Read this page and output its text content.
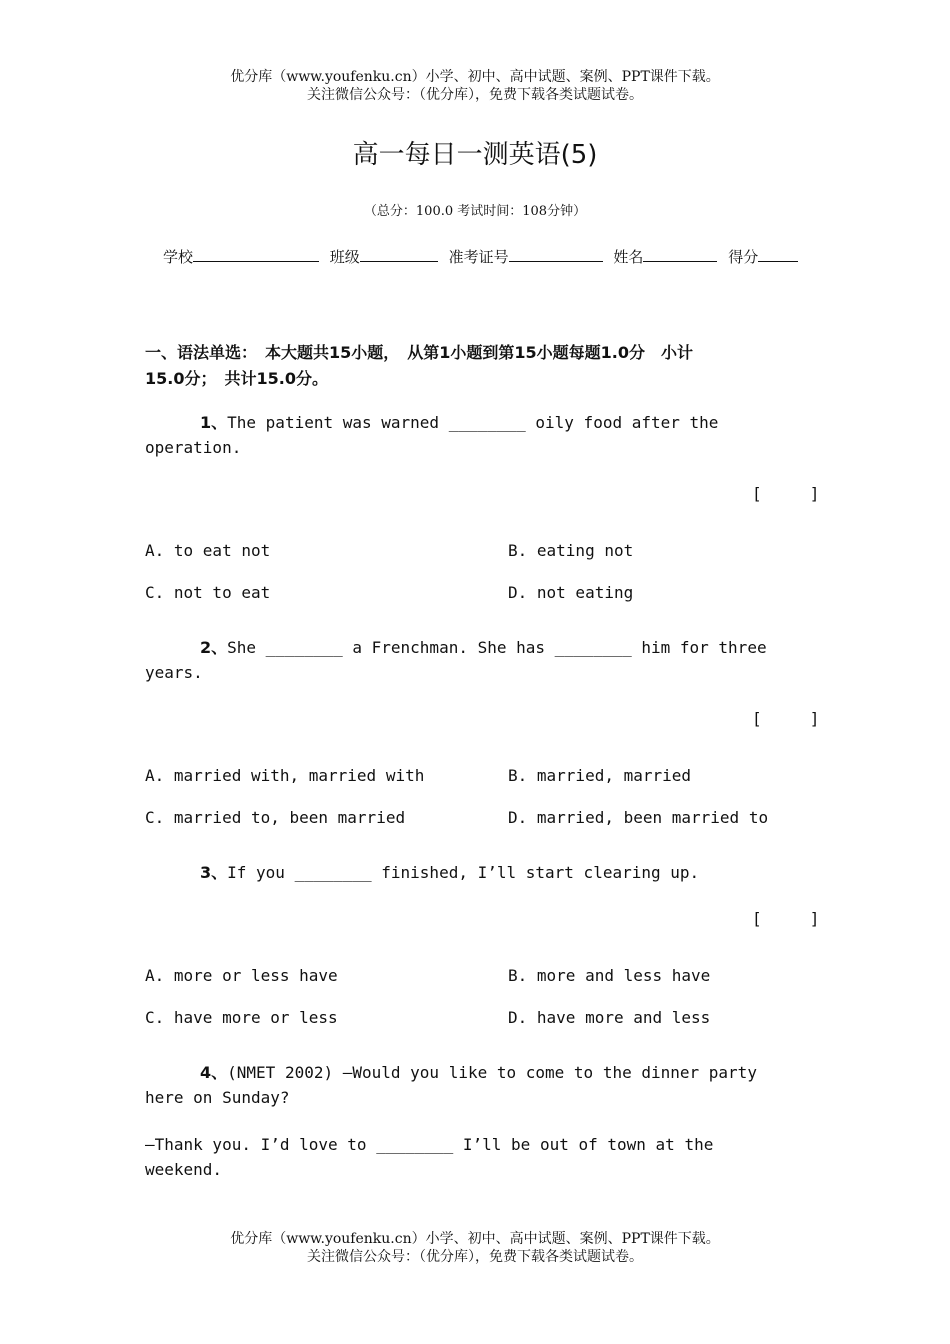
优分库（www.youfenku.cn）小学、初中、高中试题、案例、PPT课件下载。
关注微信公众号：（优分库），免费下载各类试题试卷。
高一每日一测英语(5)
（总分：100.0 考试时间：108分钟）
学校	班级	准考证号	姓名	得分
一、语法单选：　本大题共15小题，　从第1小题到第15小题每题1.0分　小计
15.0分；　共计15.0分。
1、The patient was warned ________ oily food after the
operation.
[     ]
A. to eat not	B. eating not
C. not to eat	D. not eating
2、She ________ a Frenchman. She has ________ him for three
years.
[     ]
A. married with, married with	B. married, married
C. married to, been married	D. married, been married to
3、If you ________ finished, I’ll start clearing up.
[     ]
A. more or less have	B. more and less have
C. have more or less	D. have more and less
4、(NMET 2002) —Would you like to come to the dinner party
here on Sunday?
—Thank you. I’d love to ________ I’ll be out of town at the
weekend.
优分库（www.youfenku.cn）小学、初中、高中试题、案例、PPT课件下载。
关注微信公众号：（优分库），免费下载各类试题试卷。
